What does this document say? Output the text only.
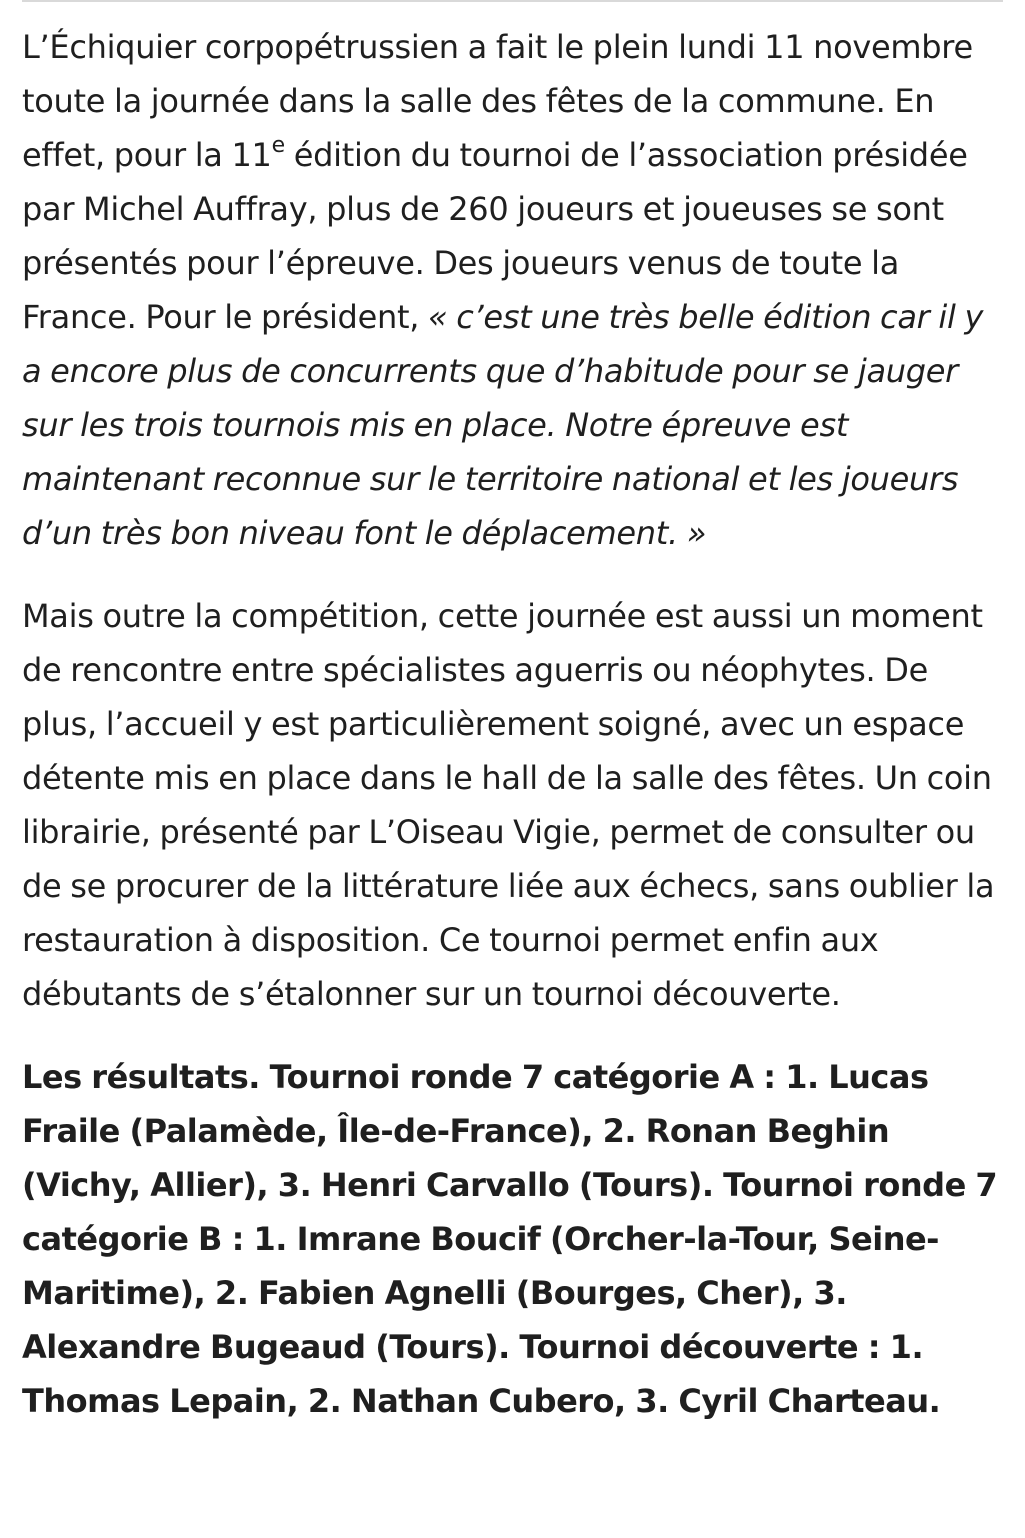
L’Échiquier corpopétrussien a fait le plein lundi 11 novembre toute la journée dans la salle des fêtes de la commune. En effet, pour la 11e édition du tournoi de l’association présidée par Michel Auffray, plus de 260 joueurs et joueuses se sont présentés pour l’épreuve. Des joueurs venus de toute la France. Pour le président, « c’est une très belle édition car il y a encore plus de concurrents que d’habitude pour se jauger sur les trois tournois mis en place. Notre épreuve est maintenant reconnue sur le territoire national et les joueurs d’un très bon niveau font le déplacement. »

Mais outre la compétition, cette journée est aussi un moment de rencontre entre spécialistes aguerris ou néophytes. De plus, l’accueil y est particulièrement soigné, avec un espace détente mis en place dans le hall de la salle des fêtes. Un coin librairie, présenté par L’Oiseau Vigie, permet de consulter ou de se procurer de la littérature liée aux échecs, sans oublier la restauration à disposition. Ce tournoi permet enfin aux débutants de s’étalonner sur un tournoi découverte.

Les résultats. Tournoi ronde 7 catégorie A : 1. Lucas Fraile (Palamède, Île-de-France), 2. Ronan Beghin (Vichy, Allier), 3. Henri Carvallo (Tours). Tournoi ronde 7 catégorie B : 1. Imrane Boucif (Orcher-la-Tour, Seine-Maritime), 2. Fabien Agnelli (Bourges, Cher), 3. Alexandre Bugeaud (Tours). Tournoi découverte : 1. Thomas Lepain, 2. Nathan Cubero, 3. Cyril Charteau.
